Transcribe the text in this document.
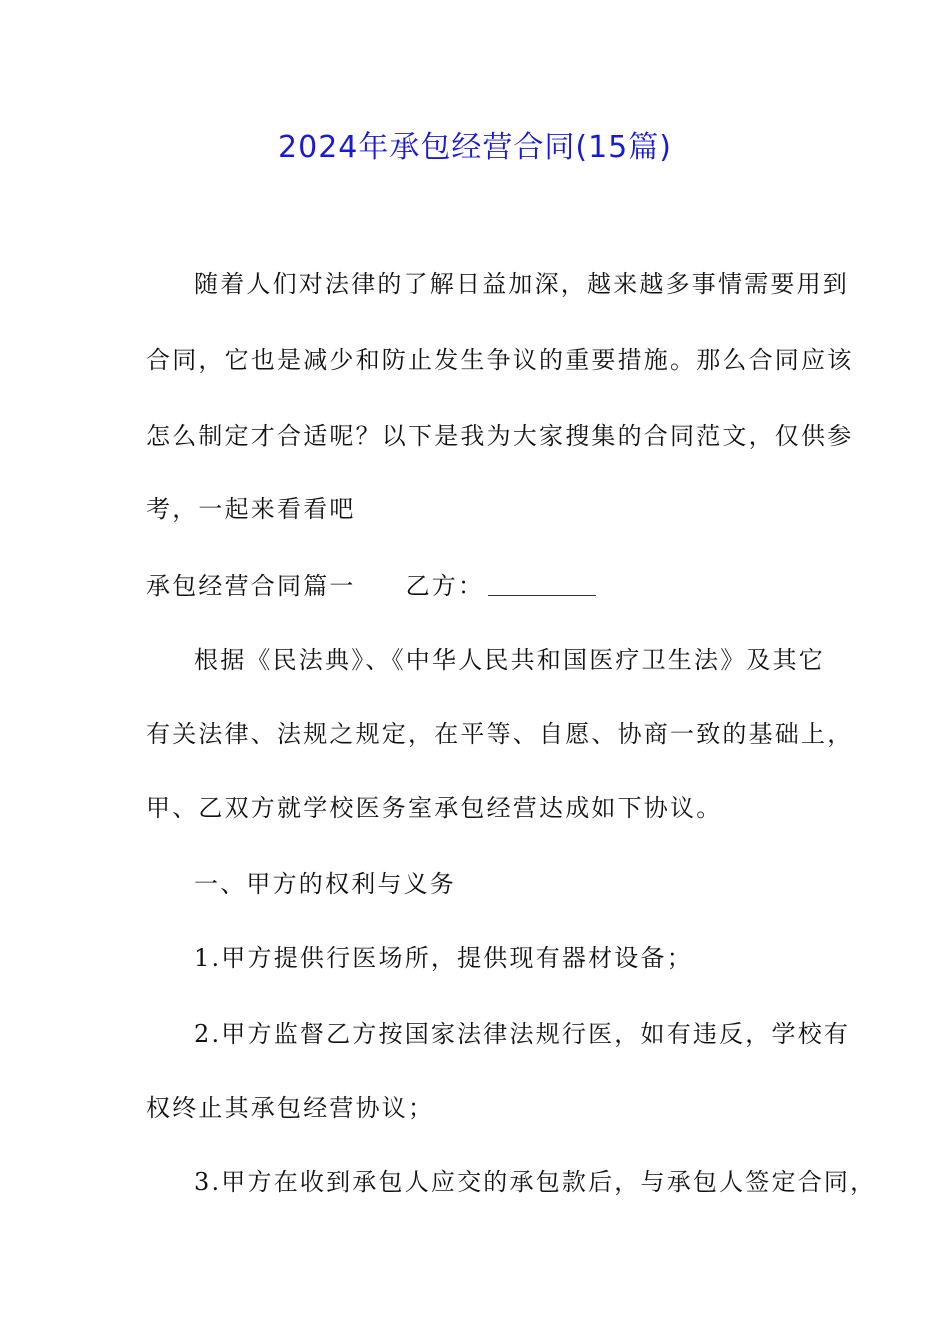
2024年承包经营合同(15篇)
随着人们对法律的了解日益加深，越来越多事情需要用到
合同，它也是减少和防止发生争议的重要措施。那么合同应该
怎么制定才合适呢？以下是我为大家搜集的合同范文，仅供参
考，一起来看看吧
承包经营合同篇一 乙方：
根据《民法典》、《中华人民共和国医疗卫生法》及其它
有关法律、法规之规定，在平等、自愿、协商一致的基础上，
甲、乙双方就学校医务室承包经营达成如下协议。
一、甲方的权利与义务
1.甲方提供行医场所，提供现有器材设备；
2.甲方监督乙方按国家法律法规行医，如有违反，学校有
权终止其承包经营协议；
3.甲方在收到承包人应交的承包款后，与承包人签定合同，
